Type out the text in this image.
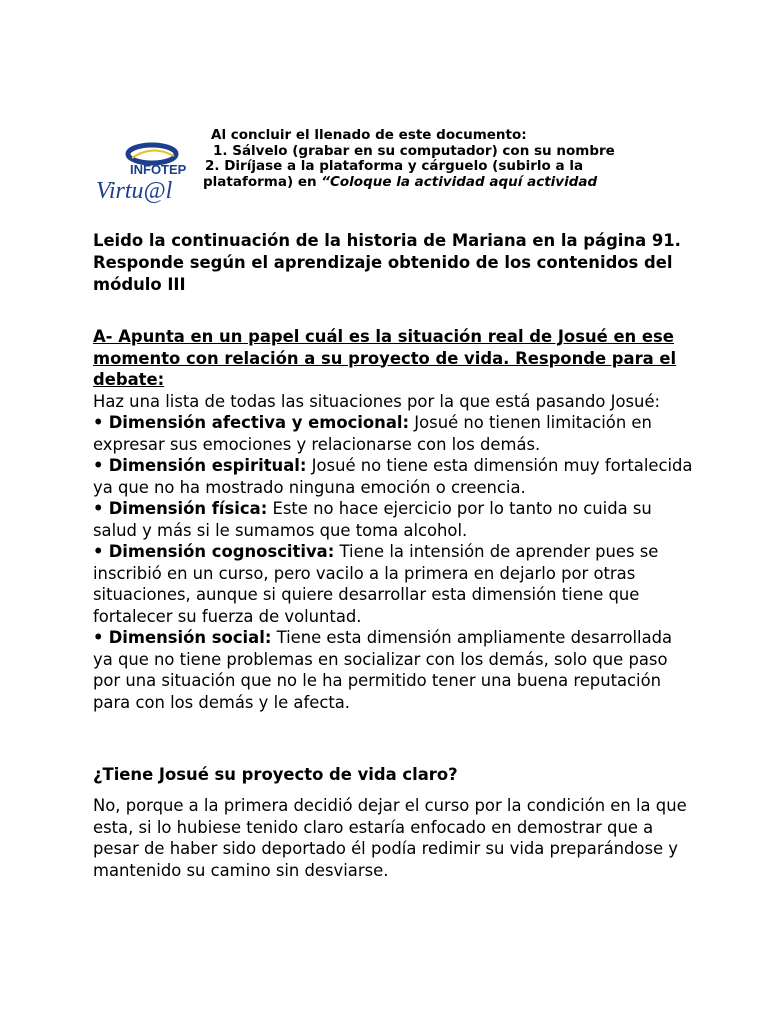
INFOTEP
Virtu@l

Al concluir el llenado de este documento:

1. Sálvelo (grabar en su computador) con su nombre

2. Diríjase a la plataforma y cárguelo (subirlo a la

plataforma) en “Coloque la actividad aquí actividad

Leido la continuación de la historia de Mariana en la página 91. Responde según el aprendizaje obtenido de los contenidos del módulo III

A- Apunta en un papel cuál es la situación real de Josué en ese momento con relación a su proyecto de vida. Responde para el debate:

Haz una lista de todas las situaciones por la que está pasando Josué:

• Dimensión afectiva y emocional: Josué no tienen limitación en expresar sus emociones y relacionarse con los demás.

• Dimensión espiritual: Josué no tiene esta dimensión muy fortalecida ya que no ha mostrado ninguna emoción o creencia.

• Dimensión física: Este no hace ejercicio por lo tanto no cuida su salud y más si le sumamos que toma alcohol.

• Dimensión cognoscitiva: Tiene la intensión de aprender pues se inscribió en un curso, pero vacilo a la primera en dejarlo por otras situaciones, aunque si quiere desarrollar esta dimensión tiene que fortalecer su fuerza de voluntad.

• Dimensión social: Tiene esta dimensión ampliamente desarrollada ya que no tiene problemas en socializar con los demás, solo que paso por una situación que no le ha permitido tener una buena reputación para con los demás y le afecta.

¿Tiene Josué su proyecto de vida claro?

No, porque a la primera decidió dejar el curso por la condición en la que esta, si lo hubiese tenido claro estaría enfocado en demostrar que a pesar de haber sido deportado él podía redimir su vida preparándose y mantenido su camino sin desviarse.
